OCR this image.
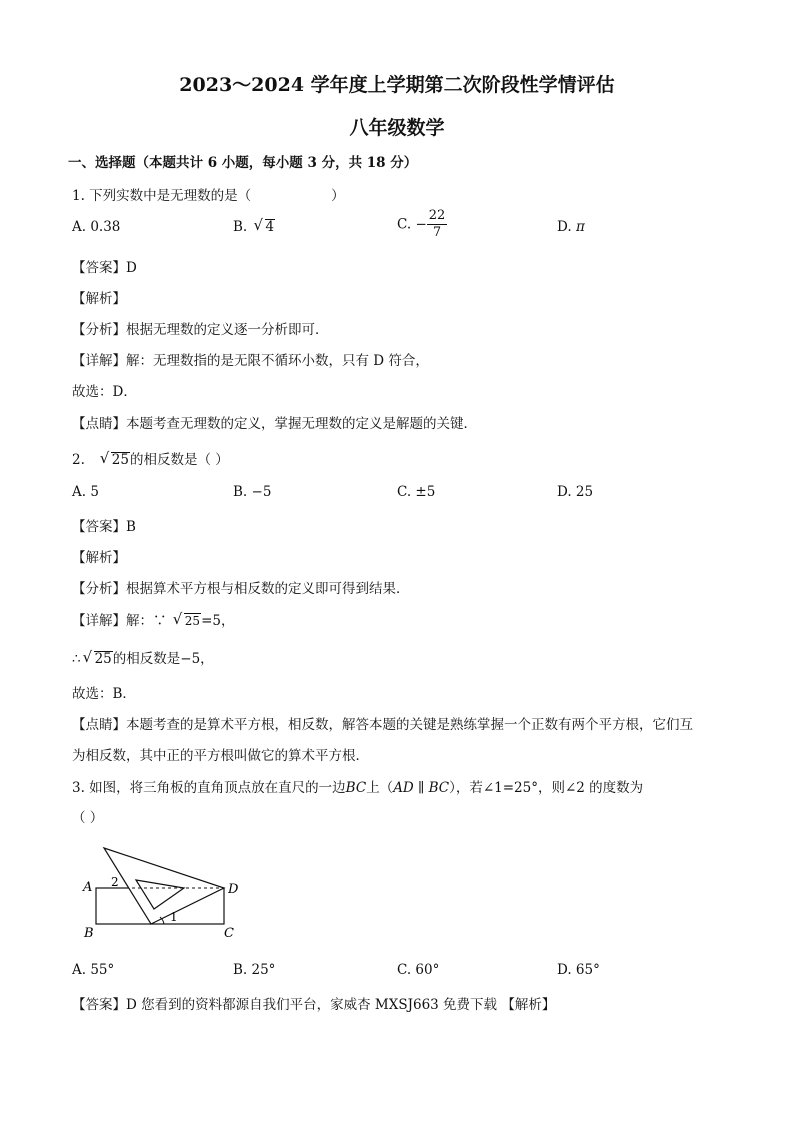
2023～2024 学年度上学期第二次阶段性学情评估
八年级数学
一、选择题（本题共计 6 小题，每小题 3 分，共 18 分）
1. 下列实数中是无理数的是（	）
A. 0.38	B. √ 4	C. − $\frac{22}{7}$	D. π
【答案】D
【解析】
【分析】根据无理数的定义逐一分析即可．
【详解】解：无理数指的是无限不循环小数，只有 D 符合，
故选：D．
【点睛】本题考查无理数的定义，掌握无理数的定义是解题的关键．
2. √ 25的相反数是（ ）
A. 5	B. −5	C. ±5	D. 25
【答案】B
【解析】
【分析】根据算术平方根与相反数的定义即可得到结果．
【详解】解：∵ √ 25=5，
∴ √ 25的相反数是−5，
故选：B．
【点睛】本题考查的是算术平方根，相反数，解答本题的关键是熟练掌握一个正数有两个平方根，它们互
为相反数，其中正的平方根叫做它的算术平方根．
3. 如图，将三角板的直角顶点放在直尺的一边BC上（AD ∥ BC），若∠1=25°，则∠2 的度数为
（ ）
A
B	C
D
1
2
A. 55°	B. 25°	C. 60°	D. 65°
【答案】D 您看到的资料都源自我们平台，家威杏 MXSJ663 免费下载 【解析】
